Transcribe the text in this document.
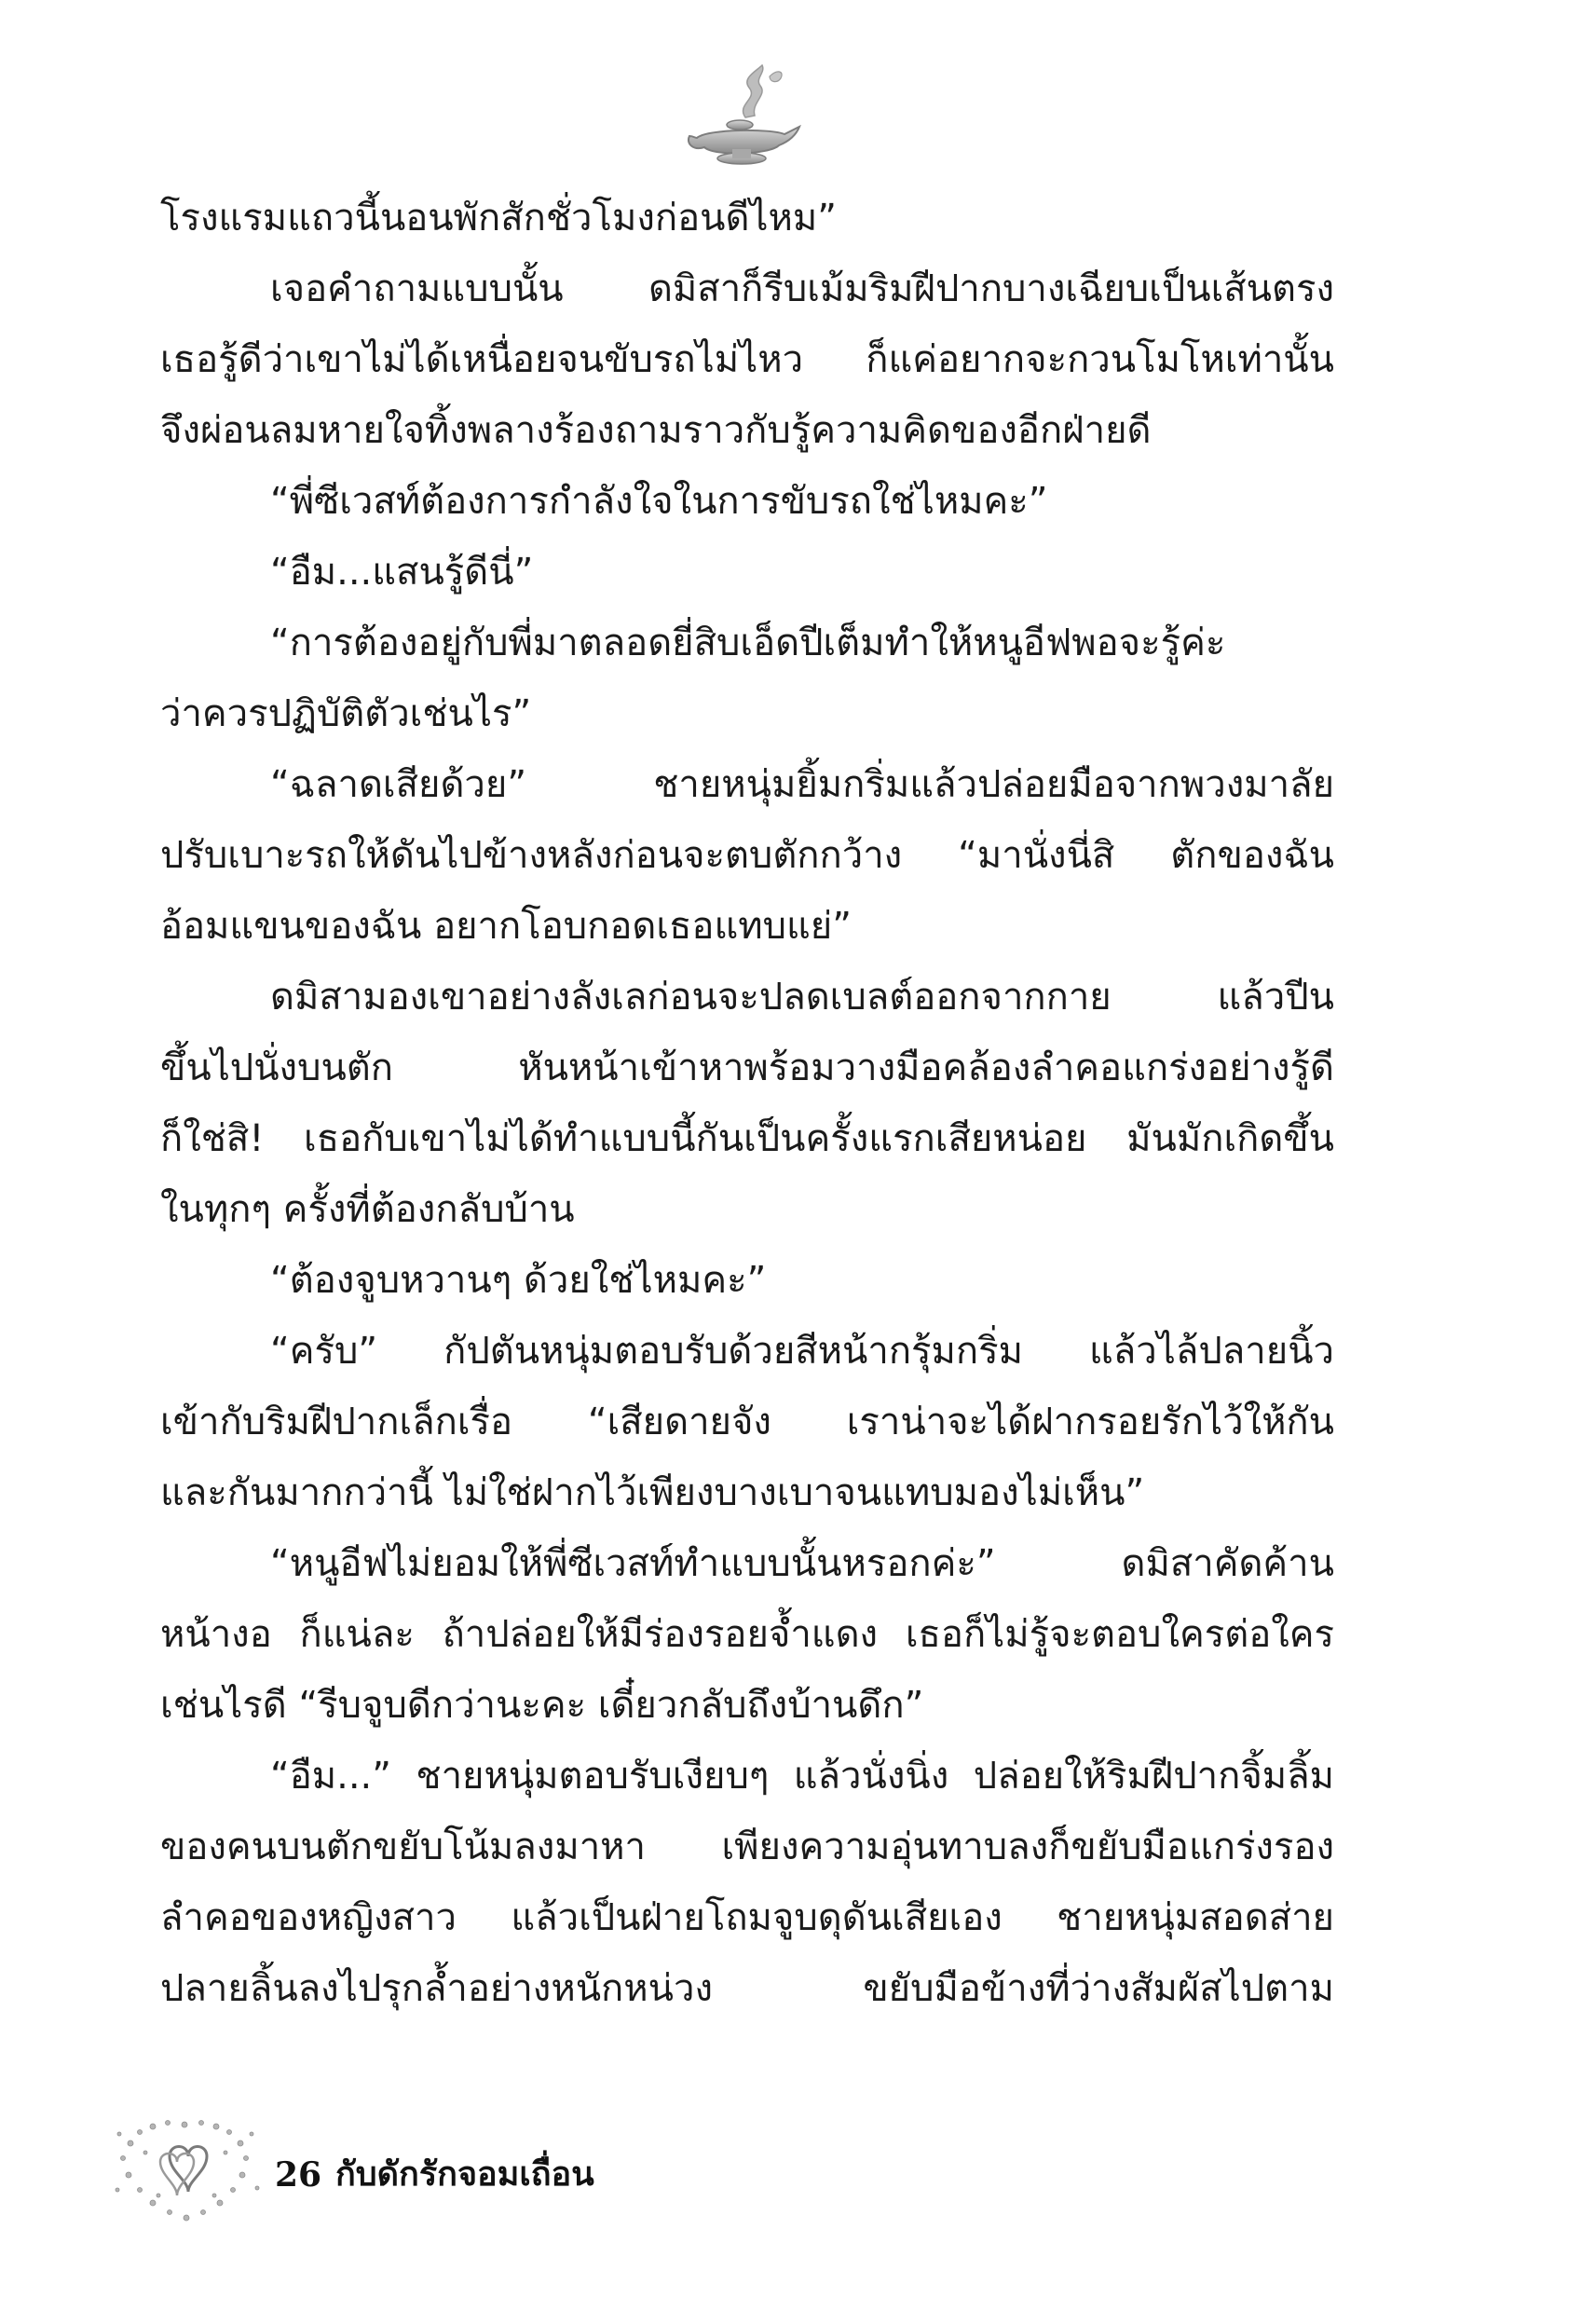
โรงแรมแถวนี้นอนพักสักชั่วโมงก่อนดีไหม”
เจอคำถามแบบนั้น ดมิสาก็รีบเม้มริมฝีปากบางเฉียบเป็นเส้นตรง
เธอรู้ดีว่าเขาไม่ได้เหนื่อยจนขับรถไม่ไหว ก็แค่อยากจะกวนโมโหเท่านั้น
จึงผ่อนลมหายใจทิ้งพลางร้องถามราวกับรู้ความคิดของอีกฝ่ายดี
“พี่ซีเวสท์ต้องการกำลังใจในการขับรถใช่ไหมคะ”
“อืม...แสนรู้ดีนี่”
“การต้องอยู่กับพี่มาตลอดยี่สิบเอ็ดปีเต็มทำให้หนูอีฟพอจะรู้ค่ะ
ว่าควรปฏิบัติตัวเช่นไร”
“ฉลาดเสียด้วย” ชายหนุ่มยิ้มกริ่มแล้วปล่อยมือจากพวงมาลัย
ปรับเบาะรถให้ดันไปข้างหลังก่อนจะตบตักกว้าง “มานั่งนี่สิ ตักของฉัน
อ้อมแขนของฉัน อยากโอบกอดเธอแทบแย่”
ดมิสามองเขาอย่างลังเลก่อนจะปลดเบลต์ออกจากกาย แล้วปีน
ขึ้นไปนั่งบนตัก หันหน้าเข้าหาพร้อมวางมือคล้องลำคอแกร่งอย่างรู้ดี
ก็ใช่สิ! เธอกับเขาไม่ได้ทำแบบนี้กันเป็นครั้งแรกเสียหน่อย มันมักเกิดขึ้น
ในทุกๆ ครั้งที่ต้องกลับบ้าน
“ต้องจูบหวานๆ ด้วยใช่ไหมคะ”
“ครับ” กัปตันหนุ่มตอบรับด้วยสีหน้ากรุ้มกริ่ม แล้วไล้ปลายนิ้ว
เข้ากับริมฝีปากเล็กเรื่อ “เสียดายจัง เราน่าจะได้ฝากรอยรักไว้ให้กัน
และกันมากกว่านี้ ไม่ใช่ฝากไว้เพียงบางเบาจนแทบมองไม่เห็น”
“หนูอีฟไม่ยอมให้พี่ซีเวสท์ทำแบบนั้นหรอกค่ะ” ดมิสาคัดค้าน
หน้างอ ก็แน่ละ ถ้าปล่อยให้มีร่องรอยจ้ำแดง เธอก็ไม่รู้จะตอบใครต่อใคร
เช่นไรดี “รีบจูบดีกว่านะคะ เดี๋ยวกลับถึงบ้านดึก”
“อืม...” ชายหนุ่มตอบรับเงียบๆ แล้วนั่งนิ่ง ปล่อยให้ริมฝีปากจิ้มลิ้ม
ของคนบนตักขยับโน้มลงมาหา เพียงความอุ่นทาบลงก็ขยับมือแกร่งรอง
ลำคอของหญิงสาว แล้วเป็นฝ่ายโถมจูบดุดันเสียเอง ชายหนุ่มสอดส่าย
ปลายลิ้นลงไปรุกล้ำอย่างหนักหน่วง ขยับมือข้างที่ว่างสัมผัสไปตาม
26 กับดักรักจอมเถื่อน
